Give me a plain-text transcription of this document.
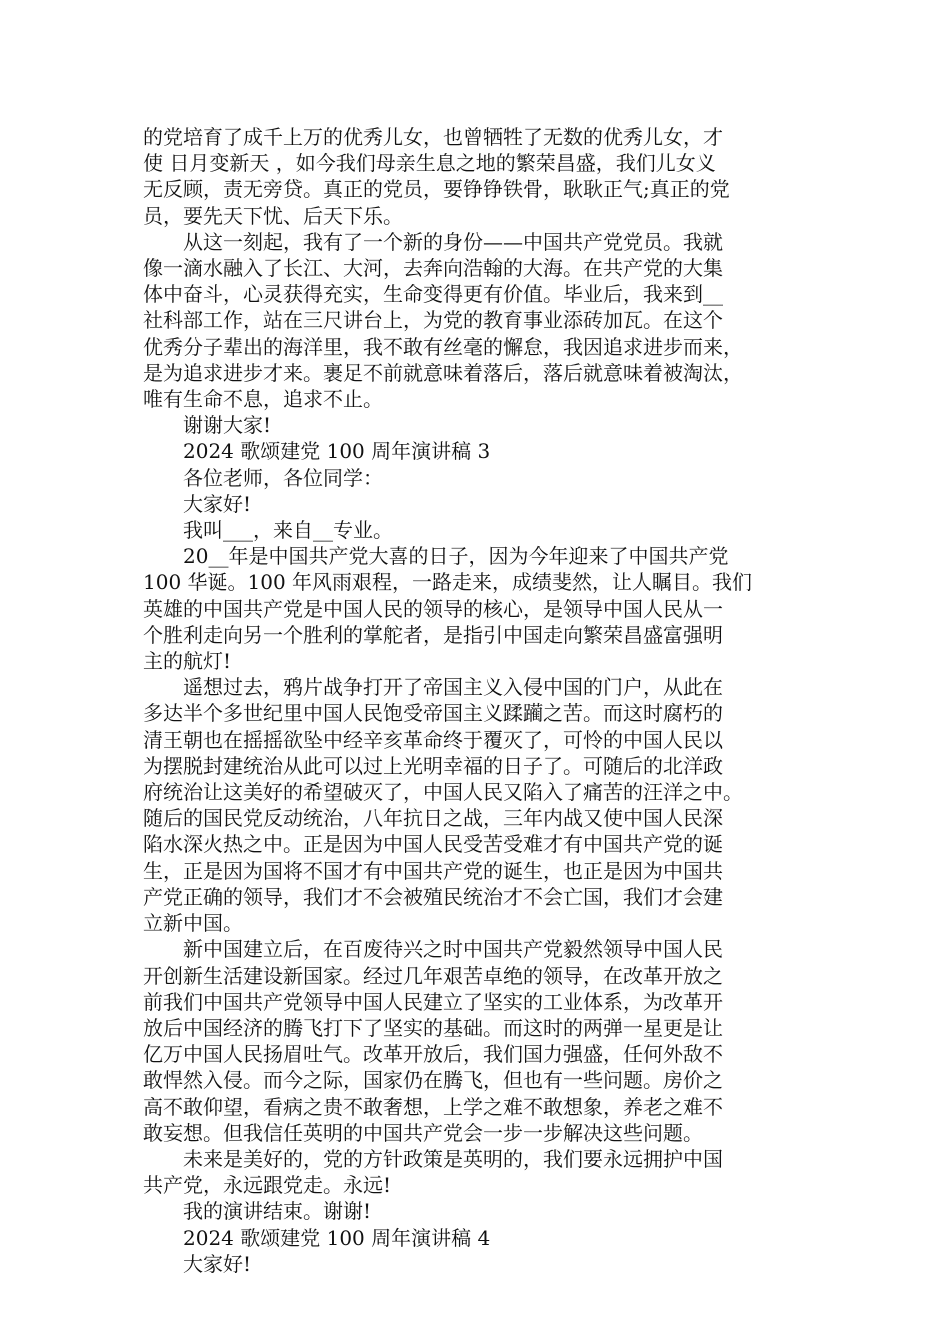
的党培育了成千上万的优秀儿女，也曾牺牲了无数的优秀儿女，才
使 日月变新天 ，如今我们母亲生息之地的繁荣昌盛，我们儿女义
无反顾，责无旁贷。真正的党员，要铮铮铁骨，耿耿正气;真正的党
员，要先天下忧、后天下乐。
从这一刻起，我有了一个新的身份——中国共产党党员。我就
像一滴水融入了长江、大河，去奔向浩翰的大海。在共产党的大集
体中奋斗，心灵获得充实，生命变得更有价值。毕业后，我来到__
社科部工作，站在三尺讲台上，为党的教育事业添砖加瓦。在这个
优秀分子辈出的海洋里，我不敢有丝毫的懈怠，我因追求进步而来，
是为追求进步才来。裹足不前就意味着落后，落后就意味着被淘汰，
唯有生命不息，追求不止。
谢谢大家!
2024 歌颂建党 100 周年演讲稿 3
各位老师，各位同学：
大家好!
我叫___，来自__专业。
20__年是中国共产党大喜的日子，因为今年迎来了中国共产党
100 华诞。100 年风雨艰程，一路走来，成绩斐然，让人瞩目。我们
英雄的中国共产党是中国人民的领导的核心，是领导中国人民从一
个胜利走向另一个胜利的掌舵者，是指引中国走向繁荣昌盛富强明
主的航灯!
遥想过去，鸦片战争打开了帝国主义入侵中国的门户，从此在
多达半个多世纪里中国人民饱受帝国主义蹂躏之苦。而这时腐朽的
清王朝也在摇摇欲坠中经辛亥革命终于覆灭了，可怜的中国人民以
为摆脱封建统治从此可以过上光明幸福的日子了。可随后的北洋政
府统治让这美好的希望破灭了，中国人民又陷入了痛苦的汪洋之中。
随后的国民党反动统治，八年抗日之战，三年内战又使中国人民深
陷水深火热之中。正是因为中国人民受苦受难才有中国共产党的诞
生，正是因为国将不国才有中国共产党的诞生，也正是因为中国共
产党正确的领导，我们才不会被殖民统治才不会亡国，我们才会建
立新中国。
新中国建立后，在百废待兴之时中国共产党毅然领导中国人民
开创新生活建设新国家。经过几年艰苦卓绝的领导，在改革开放之
前我们中国共产党领导中国人民建立了坚实的工业体系，为改革开
放后中国经济的腾飞打下了坚实的基础。而这时的两弹一星更是让
亿万中国人民扬眉吐气。改革开放后，我们国力强盛，任何外敌不
敢悍然入侵。而今之际，国家仍在腾飞，但也有一些问题。房价之
高不敢仰望，看病之贵不敢奢想，上学之难不敢想象，养老之难不
敢妄想。但我信任英明的中国共产党会一步一步解决这些问题。
未来是美好的，党的方针政策是英明的，我们要永远拥护中国
共产党，永远跟党走。永远!
我的演讲结束。谢谢!
2024 歌颂建党 100 周年演讲稿 4
大家好!
